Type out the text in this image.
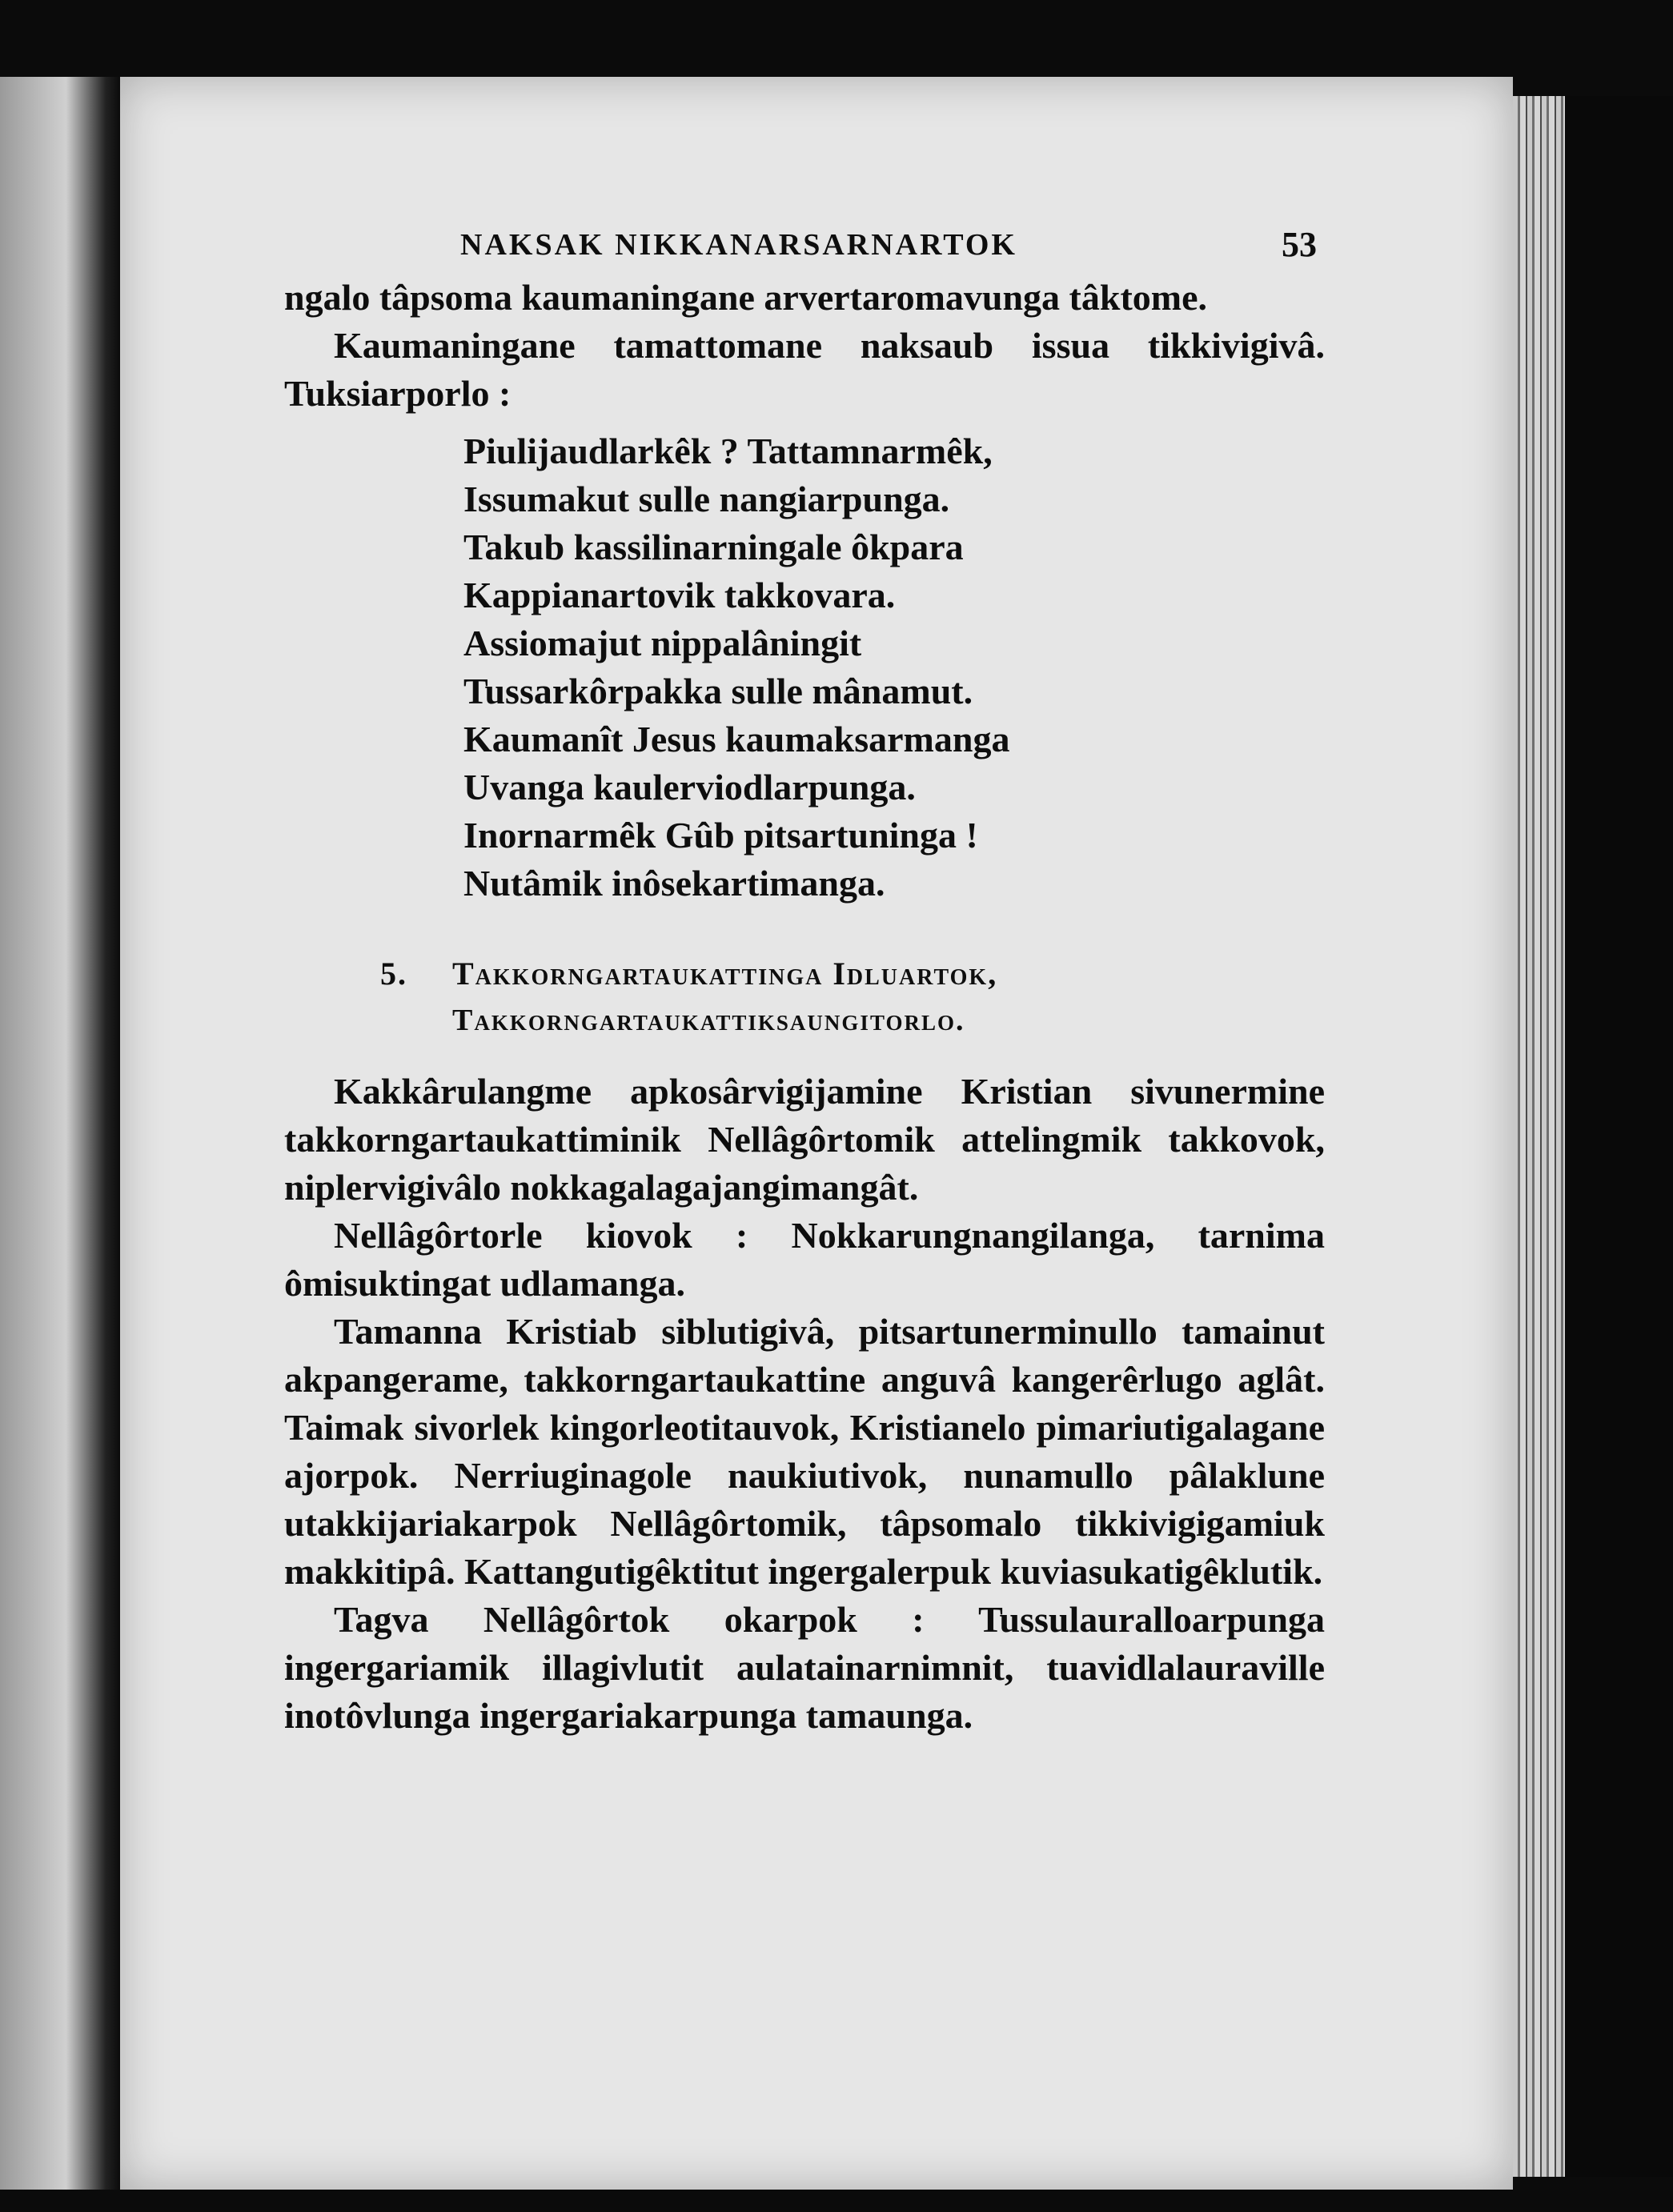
NAKSAK NIKKANARSARNARTOK	53

ngalo tâpsoma kaumaningane arvertaromavunga tâktome.

Kaumaningane tamattomane naksaub issua tikkivigivâ. Tuksiarporlo :

Piulijaudlarkêk ? Tattamnarmêk,
Issumakut sulle nangiarpunga.
Takub kassilinarningale ôkpara
Kappianartovik takkovara.
Assiomajut nippalâningit
Tussarkôrpakka sulle mânamut.
Kaumanît Jesus kaumaksarmanga
Uvanga kaulerviodlarpunga.
Inornarmêk Gûb pitsartuninga !
Nutâmik inôsekartimanga.
5. Takkorngartaukattinga Idluartok,
Takkorngartaukattiksaungitorlo.

Kakkârulangme apkosârvigijamine Kristian sivunermine takkorngartaukattiminik Nellâgôrtomik attelingmik takkovok, niplervigivâlo nokkagalagajangimangât.

Nellâgôrtorle kiovok : Nokkarungnangilanga, tarnima ômisuktingat udlamanga.

Tamanna Kristiab siblutigivâ, pitsartunerminullo tamainut akpangerame, takkorngartaukattine anguvâ kangerêrlugo aglât. Taimak sivorlek kingorleotitauvok, Kristianelo pimariutigalagane ajorpok. Nerriuginagole naukiutivok, nunamullo pâlaklune utakkijariakarpok Nellâgôrtomik, tâpsomalo tikkivigigamiuk makkitipâ. Kattangutigêktitut ingergalerpuk kuviasukatigêklutik.

Tagva Nellâgôrtok okarpok : Tussulauralloarpunga ingergariamik illagivlutit aulatainarnimnit, tuavidlalauraville inotôvlunga ingergariakarpunga tamaunga.
